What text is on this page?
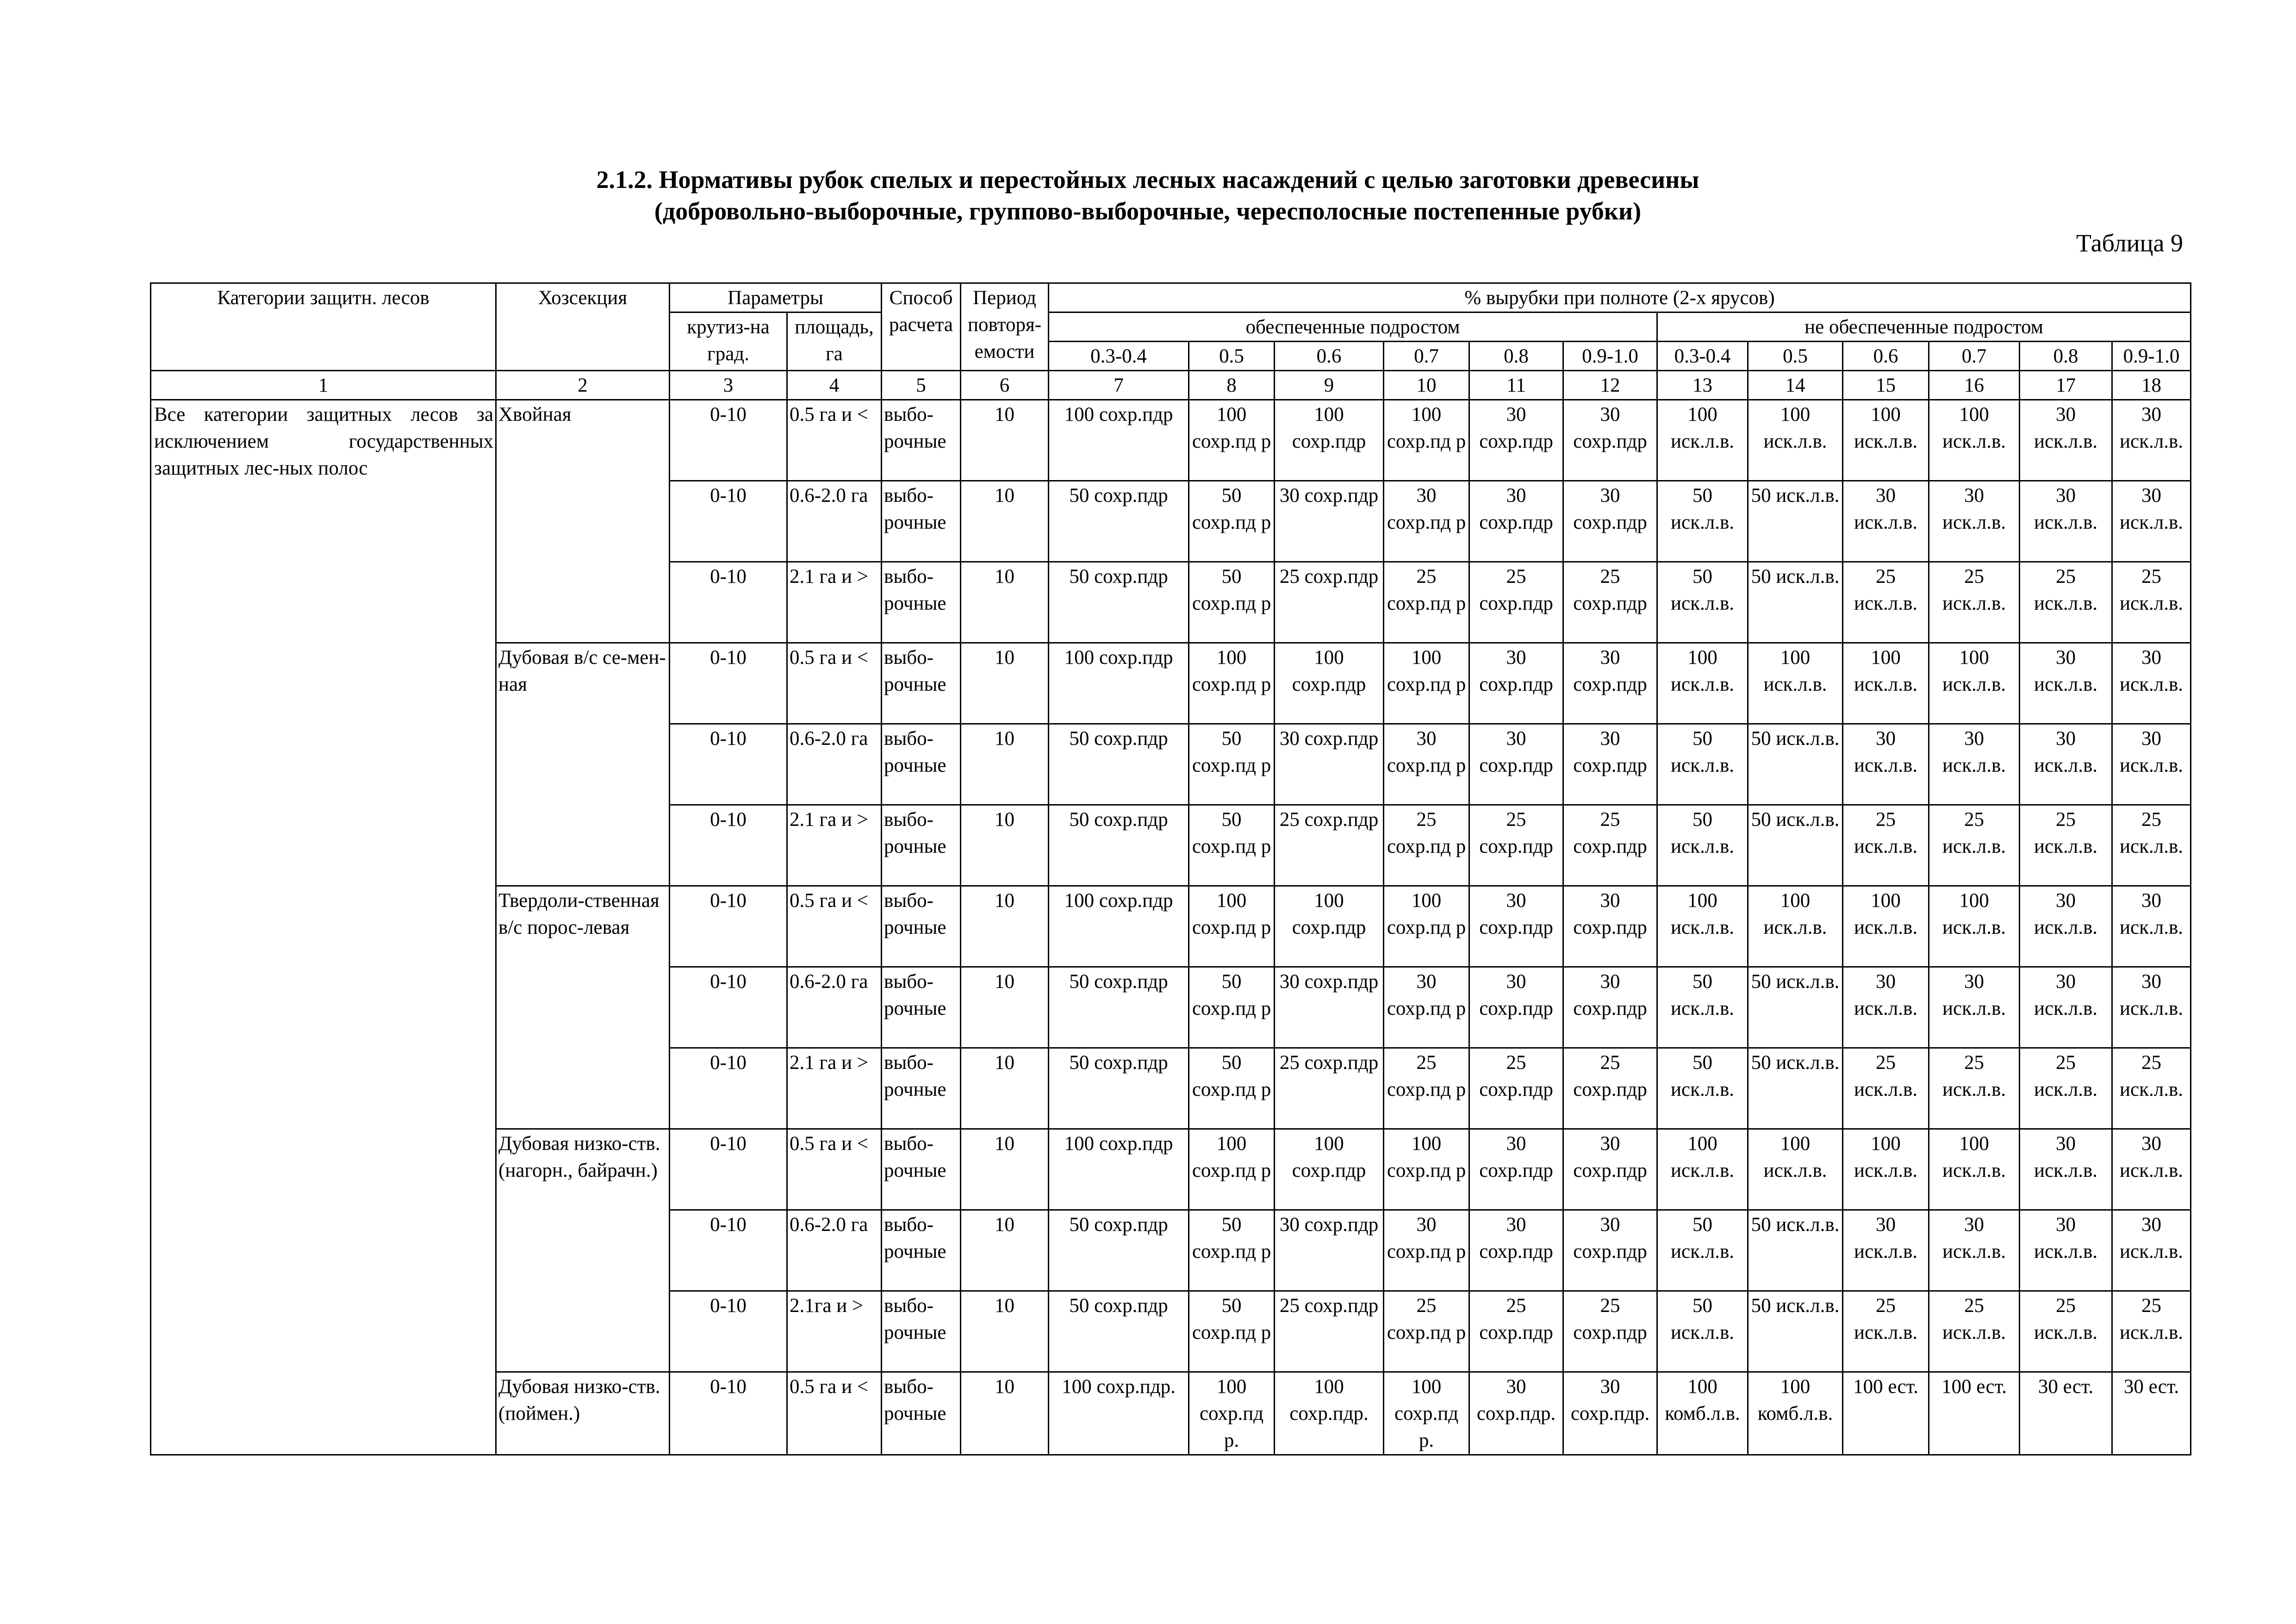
2.1.2. Нормативы рубок спелых и перестойных лесных насаждений с целью заготовки древесины
(добровольно-выборочные, группово-выборочные, чересполосные постепенные рубки)
Таблица 9
Категории защитн. лесов	Хозсекция	Параметры		Способ расчета	Период повторя-емости	% вырубки при полноте (2-х ярусов)											
		крутиз-на град.	площадь, га			обеспеченные подростом						не обеспеченные подростом					
						0.3-0.4	0.5	0.6	0.7	0.8	0.9-1.0	0.3-0.4	0.5	0.6	0.7	0.8	0.9-1.0
1	2	3	4	5	6	7	8	9	10	11	12	13	14	15	16	17	18
Все категории защитных лесов за исключением государственных защитных лес-ных полос	Хвойная	0-10	0.5 га и <	выбо-рочные	10	100 сохр.пдр	100 сохр.пд р	100 сохр.пдр	100 сохр.пд р	30 сохр.пдр	30 сохр.пдр	100 иск.л.в.	100 иск.л.в.	100 иск.л.в.	100 иск.л.в.	30 иск.л.в.	30 иск.л.в.
		0-10	0.6-2.0 га	выбо-рочные	10	50 сохр.пдр	50 сохр.пд р	30 сохр.пдр	30 сохр.пд р	30 сохр.пдр	30 сохр.пдр	50 иск.л.в.	50 иск.л.в.	30 иск.л.в.	30 иск.л.в.	30 иск.л.в.	30 иск.л.в.
		0-10	2.1 га и >	выбо-рочные	10	50 сохр.пдр	50 сохр.пд р	25 сохр.пдр	25 сохр.пд р	25 сохр.пдр	25 сохр.пдр	50 иск.л.в.	50 иск.л.в.	25 иск.л.в.	25 иск.л.в.	25 иск.л.в.	25 иск.л.в.
	Дубовая в/с се-мен-ная	0-10	0.5 га и <	выбо-рочные	10	100 сохр.пдр	100 сохр.пд р	100 сохр.пдр	100 сохр.пд р	30 сохр.пдр	30 сохр.пдр	100 иск.л.в.	100 иск.л.в.	100 иск.л.в.	100 иск.л.в.	30 иск.л.в.	30 иск.л.в.
		0-10	0.6-2.0 га	выбо-рочные	10	50 сохр.пдр	50 сохр.пд р	30 сохр.пдр	30 сохр.пд р	30 сохр.пдр	30 сохр.пдр	50 иск.л.в.	50 иск.л.в.	30 иск.л.в.	30 иск.л.в.	30 иск.л.в.	30 иск.л.в.
		0-10	2.1 га и >	выбо-рочные	10	50 сохр.пдр	50 сохр.пд р	25 сохр.пдр	25 сохр.пд р	25 сохр.пдр	25 сохр.пдр	50 иск.л.в.	50 иск.л.в.	25 иск.л.в.	25 иск.л.в.	25 иск.л.в.	25 иск.л.в.
	Твердоли-ственная в/с порос-левая	0-10	0.5 га и <	выбо-рочные	10	100 сохр.пдр	100 сохр.пд р	100 сохр.пдр	100 сохр.пд р	30 сохр.пдр	30 сохр.пдр	100 иск.л.в.	100 иск.л.в.	100 иск.л.в.	100 иск.л.в.	30 иск.л.в.	30 иск.л.в.
		0-10	0.6-2.0 га	выбо-рочные	10	50 сохр.пдр	50 сохр.пд р	30 сохр.пдр	30 сохр.пд р	30 сохр.пдр	30 сохр.пдр	50 иск.л.в.	50 иск.л.в.	30 иск.л.в.	30 иск.л.в.	30 иск.л.в.	30 иск.л.в.
		0-10	2.1 га и >	выбо-рочные	10	50 сохр.пдр	50 сохр.пд р	25 сохр.пдр	25 сохр.пд р	25 сохр.пдр	25 сохр.пдр	50 иск.л.в.	50 иск.л.в.	25 иск.л.в.	25 иск.л.в.	25 иск.л.в.	25 иск.л.в.
	Дубовая низко-ств. (нагорн., байрачн.)	0-10	0.5 га и <	выбо-рочные	10	100 сохр.пдр	100 сохр.пд р	100 сохр.пдр	100 сохр.пд р	30 сохр.пдр	30 сохр.пдр	100 иск.л.в.	100 иск.л.в.	100 иск.л.в.	100 иск.л.в.	30 иск.л.в.	30 иск.л.в.
		0-10	0.6-2.0 га	выбо-рочные	10	50 сохр.пдр	50 сохр.пд р	30 сохр.пдр	30 сохр.пд р	30 сохр.пдр	30 сохр.пдр	50 иск.л.в.	50 иск.л.в.	30 иск.л.в.	30 иск.л.в.	30 иск.л.в.	30 иск.л.в.
		0-10	2.1га и >	выбо-рочные	10	50 сохр.пдр	50 сохр.пд р	25 сохр.пдр	25 сохр.пд р	25 сохр.пдр	25 сохр.пдр	50 иск.л.в.	50 иск.л.в.	25 иск.л.в.	25 иск.л.в.	25 иск.л.в.	25 иск.л.в.
	Дубовая низко-ств. (поймен.)	0-10	0.5 га и <	выбо-рочные	10	100 сохр.пдр.	100 сохр.пд р.	100 сохр.пдр.	100 сохр.пд р.	30 сохр.пдр.	30 сохр.пдр.	100 комб.л.в.	100 комб.л.в.	100 ест.	100 ест.	30 ест.	30 ест.
